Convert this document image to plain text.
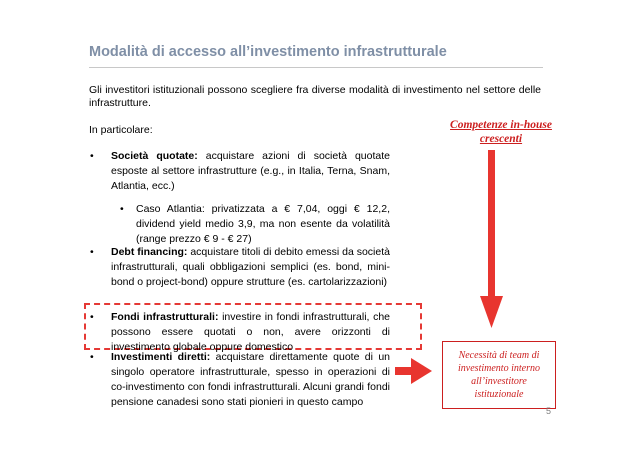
Modalità di accesso all’investimento infrastrutturale
Gli investitori istituzionali possono scegliere fra diverse modalità di investimento nel settore delle infrastrutture.
In particolare:
• Società quotate: acquistare azioni di società quotate esposte al settore infrastrutture (e.g., in Italia, Terna, Snam, Atlantia, ecc.)
• Caso Atlantia: privatizzata a € 7,04, oggi € 12,2, dividend yield medio 3,9, ma non esente da volatilità (range prezzo € 9 - € 27)
• Debt financing: acquistare titoli di debito emessi da società infrastrutturali, quali obbligazioni semplici (es. bond, mini-bond o project-bond) oppure strutture (es. cartolarizzazioni)
• Fondi infrastrutturali: investire in fondi infrastrutturali, che possono essere quotati o non, avere orizzonti di investimento globale oppure domestico
• Investimenti diretti: acquistare direttamente quote di un singolo operatore infrastrutturale, spesso in operazioni di co-investimento con fondi infrastrutturali. Alcuni grandi fondi pensione canadesi sono stati pionieri in questo campo
Competenze in-house crescenti
Necessità di team di investimento interno all’investitore istituzionale
5
